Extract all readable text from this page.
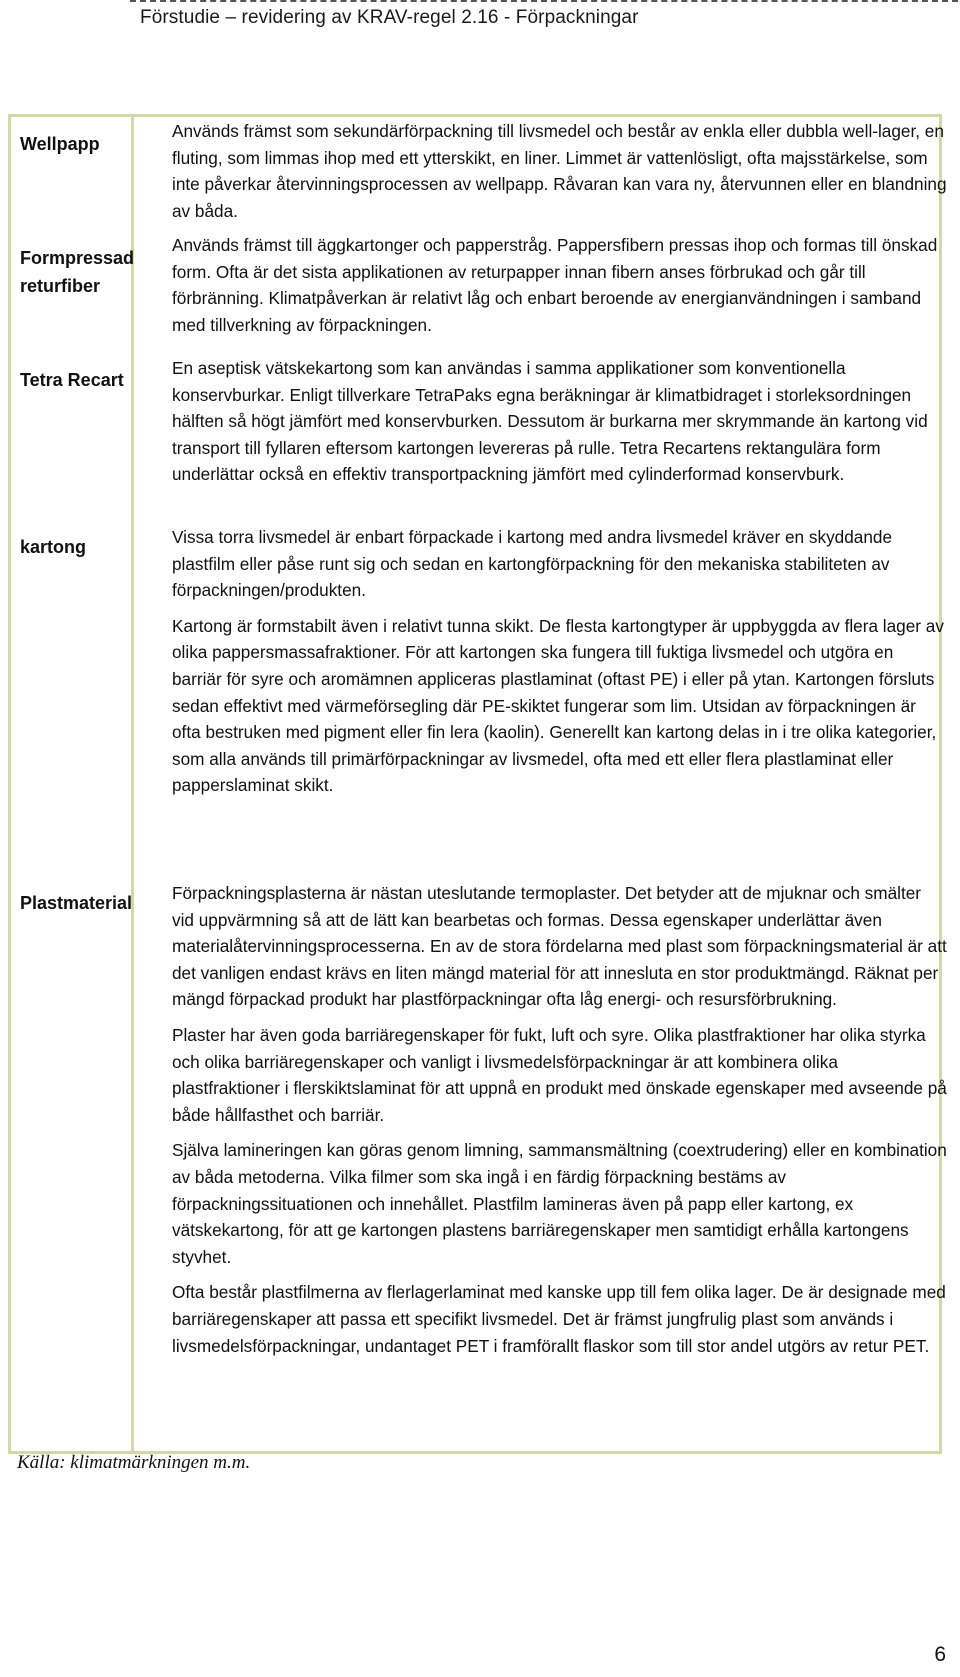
Förstudie – revidering av KRAV-regel 2.16 - Förpackningar
Wellpapp

Används främst som sekundärförpackning till livsmedel och består av enkla eller dubbla well-lager, en fluting, som limmas ihop med ett ytterskikt, en liner. Limmet är vattenlösligt, ofta majsstärkelse, som inte påverkar återvinningsprocessen av wellpapp. Råvaran kan vara ny, återvunnen eller en blandning av båda.

Formpressad returfiber

Används främst till äggkartonger och papperstråg. Pappersfibern pressas ihop och formas till önskad form. Ofta är det sista applikationen av returpapper innan fibern anses förbrukad och går till förbränning. Klimatpåverkan är relativt låg och enbart beroende av energianvändningen i samband med tillverkning av förpackningen.

Tetra Recart

En aseptisk vätskekartong som kan användas i samma applikationer som konventionella konservburkar. Enligt tillverkare TetraPaks egna beräkningar är klimatbidraget i storleksordningen hälften så högt jämfört med konservburken. Dessutom är burkarna mer skrymmande än kartong vid transport till fyllaren eftersom kartongen levereras på rulle. Tetra Recartens rektangulära form underlättar också en effektiv transportpackning jämfört med cylinderformad konservburk.

kartong	Vissa torra livsmedel är enbart förpackade i kartong med andra livsmedel kräver en skyddande plastfilm eller påse runt sig och sedan en kartongförpackning för den mekaniska stabiliteten av förpackningen/produkten.

Kartong är formstabilt även i relativt tunna skikt. De flesta kartongtyper är uppbyggda av flera lager av olika pappersmassafraktioner. För att kartongen ska fungera till fuktiga livsmedel och utgöra en barriär för syre och aromämnen appliceras plastlaminat (oftast PE) i eller på ytan. Kartongen försluts sedan effektivt med värmeförsegling där PE-skiktet fungerar som lim. Utsidan av förpackningen är ofta bestruken med pigment eller fin lera (kaolin). Generellt kan kartong delas in i tre olika kategorier, som alla används till primärförpackningar av livsmedel, ofta med ett eller flera plastlaminat eller papperslaminat skikt.

Plastmaterial Förpackningsplasterna är nästan uteslutande termoplaster. Det betyder att de mjuknar och smälter vid uppvärmning så att de lätt kan bearbetas och formas. Dessa egenskaper underlättar även materialåtervinningsprocesserna. En av de stora fördelarna med plast som förpackningsmaterial är att det vanligen endast krävs en liten mängd material för att innesluta en stor produktmängd. Räknat per mängd förpackad produkt har plastförpackningar ofta låg energi- och resursförbrukning.

Plaster har även goda barriäregenskaper för fukt, luft och syre. Olika plastfraktioner har olika styrka och olika barriäregenskaper och vanligt i livsmedelsförpackningar är att kombinera olika plastfraktioner i flerskiktslaminat för att uppnå en produkt med önskade egenskaper med avseende på både hållfasthet och barriär.

Själva lamineringen kan göras genom limning, sammansmältning (coextrudering) eller en kombination av båda metoderna. Vilka filmer som ska ingå i en färdig förpackning bestäms av förpackningssituationen och innehållet. Plastfilm lamineras även på papp eller kartong, ex vätskekartong, för att ge kartongen plastens barriäregenskaper men samtidigt erhålla kartongens styvhet.

Ofta består plastfilmerna av flerlagerlaminat med kanske upp till fem olika lager. De är designade med barriäregenskaper att passa ett specifikt livsmedel. Det är främst jungfrulig plast som används i livsmedelsförpackningar, undantaget PET i framförallt flaskor som till stor andel utgörs av retur PET.

Källa: klimatmärkningen m.m.
6
